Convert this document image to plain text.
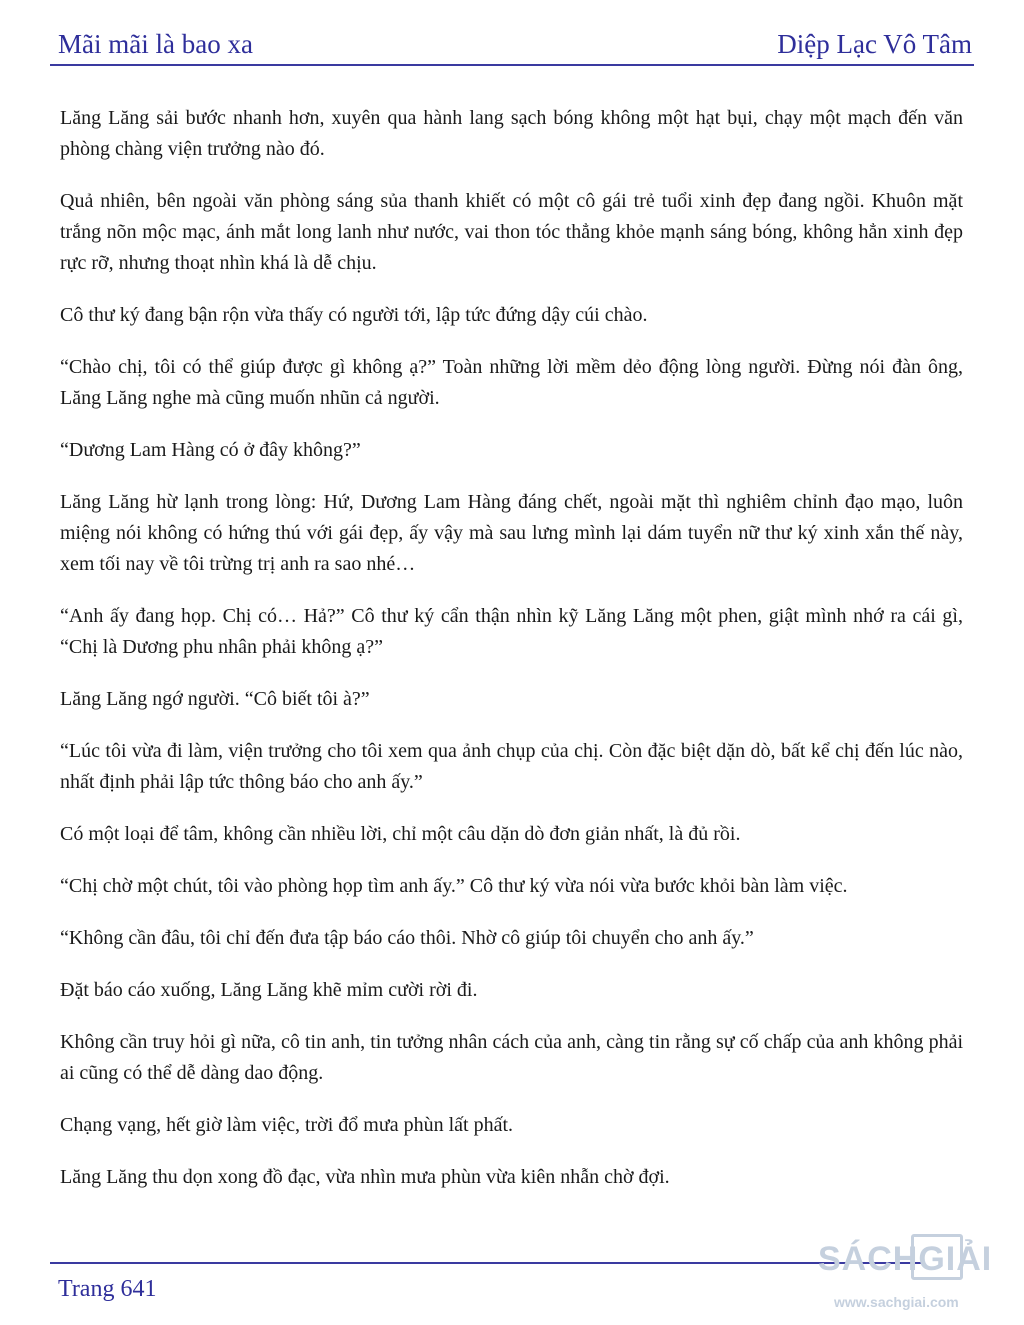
Mãi mãi là bao xa	Diệp Lạc Vô Tâm

Lăng Lăng sải bước nhanh hơn, xuyên qua hành lang sạch bóng không một hạt bụi, chạy một mạch đến văn phòng chàng viện trưởng nào đó.

Quả nhiên, bên ngoài văn phòng sáng sủa thanh khiết có một cô gái trẻ tuổi xinh đẹp đang ngồi. Khuôn mặt trắng nõn mộc mạc, ánh mắt long lanh như nước, vai thon tóc thẳng khỏe mạnh sáng bóng, không hẳn xinh đẹp rực rỡ, nhưng thoạt nhìn khá là dễ chịu.

Cô thư ký đang bận rộn vừa thấy có người tới, lập tức đứng dậy cúi chào.

“Chào chị, tôi có thể giúp được gì không ạ?” Toàn những lời mềm dẻo động lòng người. Đừng nói đàn ông, Lăng Lăng nghe mà cũng muốn nhũn cả người.

“Dương Lam Hàng có ở đây không?”

Lăng Lăng hừ lạnh trong lòng: Hứ, Dương Lam Hàng đáng chết, ngoài mặt thì nghiêm chỉnh đạo mạo, luôn miệng nói không có hứng thú với gái đẹp, ấy vậy mà sau lưng mình lại dám tuyển nữ thư ký xinh xắn thế này, xem tối nay về tôi trừng trị anh ra sao nhé…

“Anh ấy đang họp. Chị có… Hả?” Cô thư ký cẩn thận nhìn kỹ Lăng Lăng một phen, giật mình nhớ ra cái gì, “Chị là Dương phu nhân phải không ạ?”

Lăng Lăng ngớ người. “Cô biết tôi à?”

“Lúc tôi vừa đi làm, viện trưởng cho tôi xem qua ảnh chụp của chị. Còn đặc biệt dặn dò, bất kể chị đến lúc nào, nhất định phải lập tức thông báo cho anh ấy.”

Có một loại để tâm, không cần nhiều lời, chỉ một câu dặn dò đơn giản nhất, là đủ rồi.

“Chị chờ một chút, tôi vào phòng họp tìm anh ấy.” Cô thư ký vừa nói vừa bước khỏi bàn làm việc.

“Không cần đâu, tôi chỉ đến đưa tập báo cáo thôi. Nhờ cô giúp tôi chuyển cho anh ấy.”

Đặt báo cáo xuống, Lăng Lăng khẽ mỉm cười rời đi.

Không cần truy hỏi gì nữa, cô tin anh, tin tưởng nhân cách của anh, càng tin rằng sự cố chấp của anh không phải ai cũng có thể dễ dàng dao động.

Chạng vạng, hết giờ làm việc, trời đổ mưa phùn lất phất.

Lăng Lăng thu dọn xong đồ đạc, vừa nhìn mưa phùn vừa kiên nhẫn chờ đợi.

Trang 641
SÁCHGIẢI
www.sachgiai.com
